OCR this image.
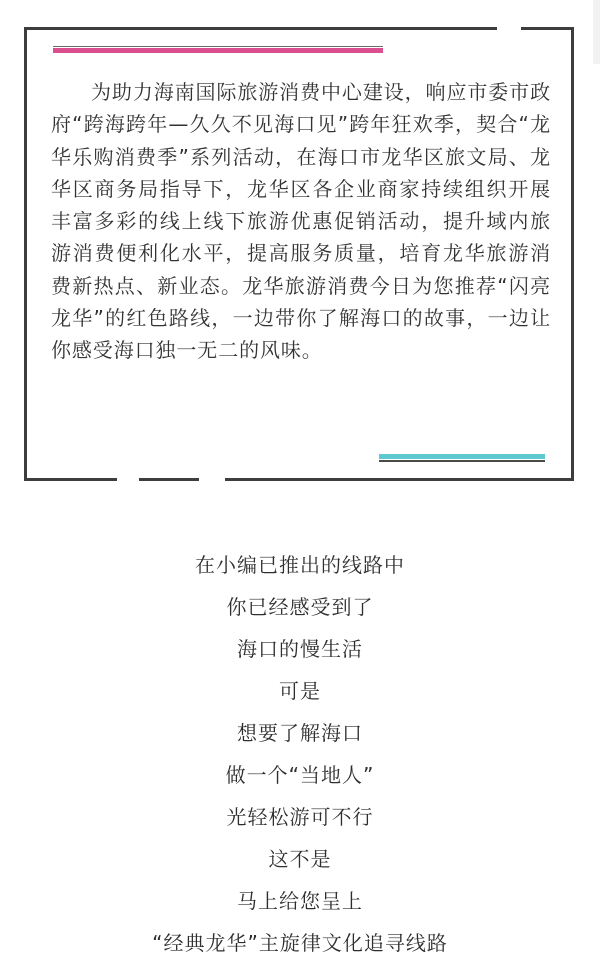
为助力海南国际旅游消费中心建设，响应市委市政府“跨海跨年—久久不见海口见”跨年狂欢季，契合“龙华乐购消费季”系列活动，在海口市龙华区旅文局、龙华区商务局指导下，龙华区各企业商家持续组织开展丰富多彩的线上线下旅游优惠促销活动，提升域内旅游消费便利化水平，提高服务质量，培育龙华旅游消费新热点、新业态。龙华旅游消费今日为您推荐“闪亮龙华”的红色路线，一边带你了解海口的故事，一边让你感受海口独一无二的风味。

在小编已推出的线路中
你已经感受到了
海口的慢生活
可是
想要了解海口
做一个“当地人”
光轻松游可不行
这不是
马上给您呈上
“经典龙华”主旋律文化追寻线路
